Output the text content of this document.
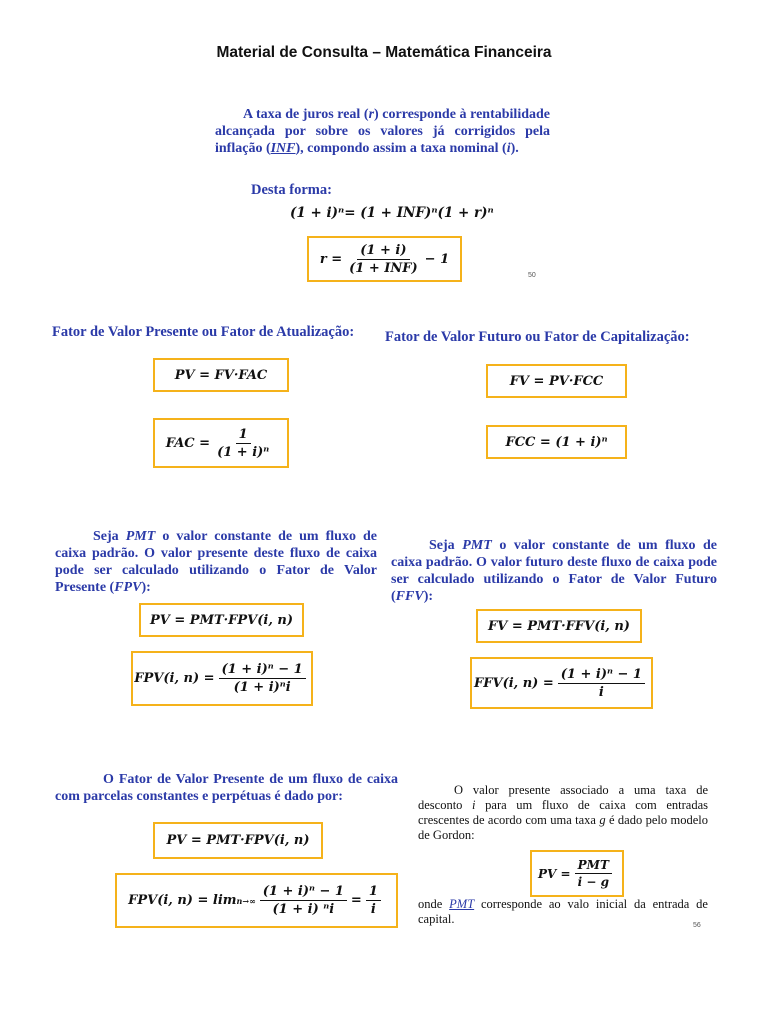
Material de Consulta – Matemática Financeira
A taxa de juros real (r) corresponde à rentabilidade alcançada por sobre os valores já corrigidos pela inflação (INF), compondo assim a taxa nominal (i).
Desta forma:
(1 + i)ⁿ= (1 + INF)ⁿ(1 + r)ⁿ
$r = \frac{(1 + i)}{\text{(1 + INF)}} - 1$
50
Fator de Valor Presente ou Fator de Atualização: Fator de Valor Futuro ou Fator de Capitalização:
PV = FV·FAC
FAC = $\frac{1}{\text{(1 + i)ⁿ}}$
FV = PV·FCC
FCC = (1 + i)ⁿ
Seja PMT o valor constante de um fluxo de caixa padrão. O valor presente deste fluxo de caixa pode ser calculado utilizando o Fator de Valor Presente (FPV):
PV = PMT·FPV(i, n)
FPV(i, $n) = \frac{\text{(1 + i)ⁿ − 1}}{\text{(1 + i)ⁿi}}$
Seja PMT o valor constante de um fluxo de caixa padrão. O valor futuro deste fluxo de caixa pode ser calculado utilizando o Fator de Valor Futuro (FFV):
FV = PMT·FFV(i, n)
FFV(i, $n) = \frac{\text{(1 + i)ⁿ − 1}}{i}$
O Fator de Valor Presente de um fluxo de caixa com parcelas constantes e perpétuas é dado por:
PV = PMT·FPV(i, n)
FPV(i, $n) = \lim n\to\infty \frac{\text{(1 + i)ⁿ − 1}}{\text{(1 + i) ⁿi}} = \frac{1}{i}$
O valor presente associado a uma taxa de desconto i para um fluxo de caixa com entradas crescentes de acordo com uma taxa g é dado pelo modelo de Gordon:
PV = $\frac{\text{PMT}}{i - g}$
onde PMT corresponde ao valo inicial da entrada de capital.	56
